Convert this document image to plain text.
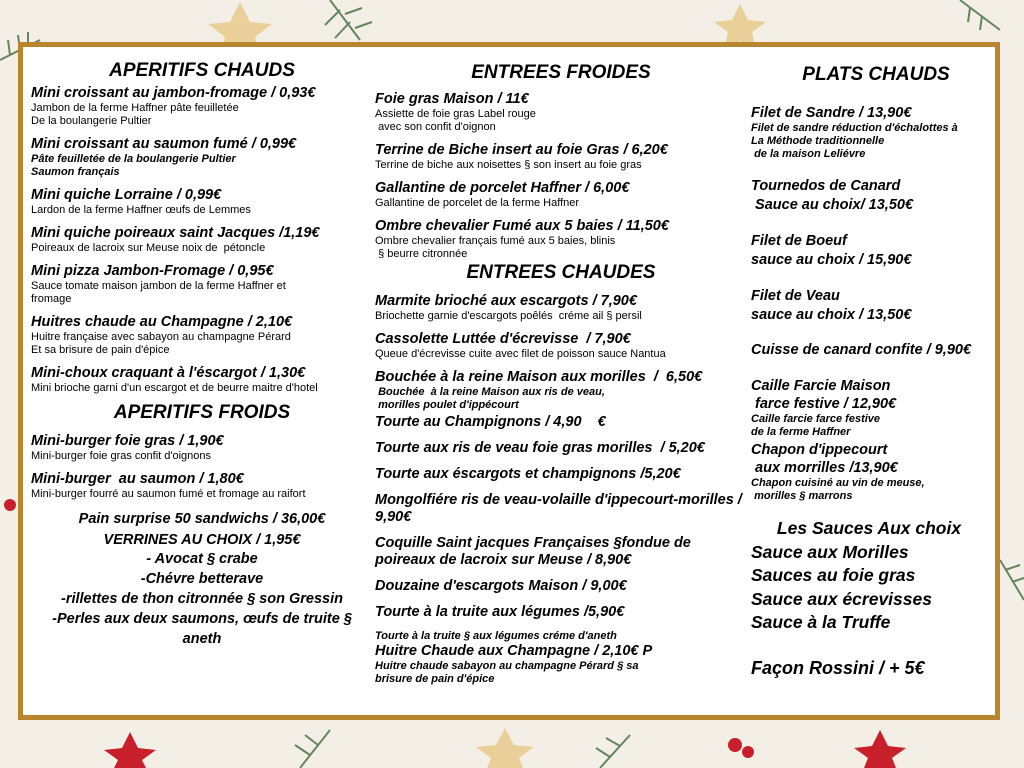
APERITIFS CHAUDS
Mini croissant au jambon-fromage / 0,93€
Jambon de la ferme Haffner pâte feuilletée
De la boulangerie Pultier
Mini croissant au saumon fumé / 0,99€
Pâte feuilletée de la boulangerie Pultier
Saumon français
Mini quiche Lorraine / 0,99€
Lardon de la ferme Haffner œufs de Lemmes
Mini quiche poireaux saint Jacques /1,19€
Poireaux de lacroix sur Meuse noix de  pétoncle
Mini pizza Jambon-Fromage / 0,95€
Sauce tomate maison jambon de la ferme Haffner et
fromage
Huitres chaude au Champagne / 2,10€
Huitre française avec sabayon au champagne Pérard
Et sa brisure de pain d'épice
Mini-choux craquant à l'éscargot / 1,30€
Mini brioche garni d'un escargot et de beurre maitre d'hotel
APERITIFS FROIDS
Mini-burger foie gras / 1,90€
Mini-burger foie gras confit d'oignons
Mini-burger  au saumon / 1,80€
Mini-burger fourré au saumon fumé et fromage au raifort
Pain surprise 50 sandwichs / 36,00€
VERRINES AU CHOIX / 1,95€
- Avocat § crabe
-Chévre betterave
-rillettes de thon citronnée § son Gressin
-Perles aux deux saumons, œufs de truite § aneth
ENTREES FROIDES
Foie gras Maison / 11€
Assiette de foie gras Label rouge
avec son confit d'oignon
Terrine de Biche insert au foie Gras / 6,20€
Terrine de biche aux noisettes § son insert au foie gras
Gallantine de porcelet Haffner / 6,00€
Gallantine de porcelet de la ferme Haffner
Ombre chevalier Fumé aux 5 baies / 11,50€
Ombre chevalier français fumé aux 5 baies, blinis
§ beurre citronnée
ENTREES CHAUDES
Marmite brioché aux escargots / 7,90€
Briochette garnie d'escargots poêlés  créme ail § persil
Cassolette Luttée d'écrevisse  / 7,90€
Queue d'écrevisse cuite avec filet de poisson sauce Nantua
Bouchée à la reine Maison aux morilles  /  6,50€
Bouchée  à la reine Maison aux ris de veau,
morilles poulet d'ippécourt
Tourte au Champignons / 4,90    €
Tourte aux ris de veau foie gras morilles  / 5,20€
Tourte aux éscargots et champignons /5,20€
Mongolfiére ris de veau-volaille d'ippecourt-morilles / 9,90€
Coquille Saint jacques Françaises §fondue de poireaux de lacroix sur Meuse / 8,90€
Douzaine d'escargots Maison / 9,00€
Tourte à la truite aux légumes /5,90€
Tourte à la truite § aux légumes créme d'aneth
Huitre Chaude aux Champagne / 2,10€ P
Huitre chaude sabayon au champagne Pérard § sa
brisure de pain d'épice
PLATS CHAUDS
Filet de Sandre / 13,90€
Filet de sandre réduction d'échalottes à
La Méthode traditionnelle
de la maison Leliévre
Tournedos de Canard
Sauce au choix/ 13,50€
Filet de Boeuf
sauce au choix / 15,90€
Filet de Veau
sauce au choix / 13,50€
Cuisse de canard confite / 9,90€
Caille Farcie Maison
farce festive / 12,90€
Caille farcie farce festive
de la ferme Haffner
Chapon d'ippecourt
aux morrilles /13,90€
Chapon cuisiné au vin de meuse,
morilles § marrons
Les Sauces Aux choix
Sauce aux Morilles
Sauces au foie gras
Sauce aux écrevisses
Sauce à la Truffe
Façon Rossini / + 5€
